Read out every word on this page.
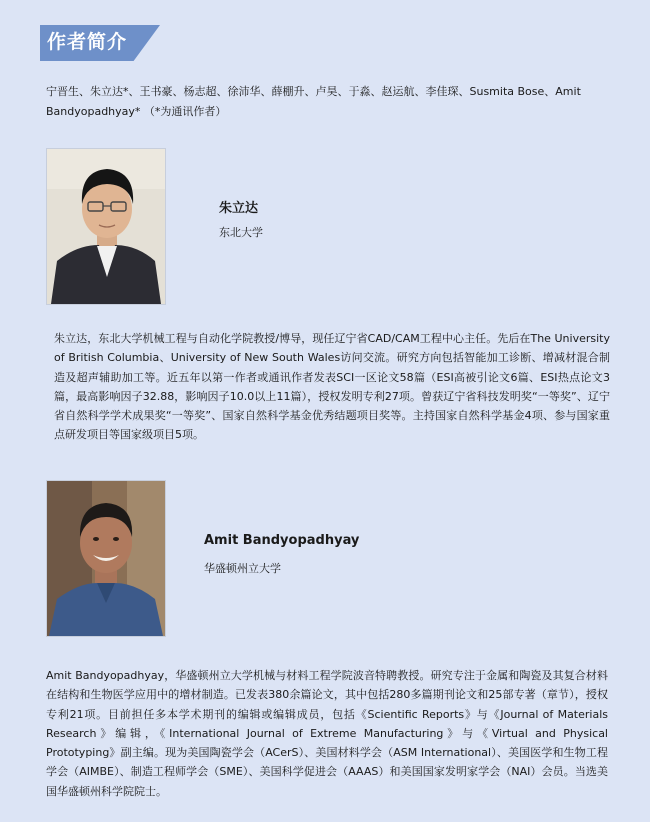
作者简介
宁晋生、朱立达*、王书豪、杨志超、徐沛华、薛棚升、卢昊、于淼、赵运航、李佳琛、Susmita Bose、Amit Bandyopadhyay* （*为通讯作者）
朱立达
东北大学
朱立达，东北大学机械工程与自动化学院教授/博导，现任辽宁省CAD/CAM工程中心主任。先后在The University of British Columbia、University of New South Wales访问交流。研究方向包括智能加工诊断、增减材混合制造及超声辅助加工等。近五年以第一作者或通讯作者发表SCI一区论文58篇（ESI高被引论文6篇、ESI热点论文3篇，最高影响因子32.88，影响因子10.0以上11篇），授权发明专利27项。曾获辽宁省科技发明奖“一等奖”、辽宁省自然科学学术成果奖“一等奖”、国家自然科学基金优秀结题项目奖等。主持国家自然科学基金4项、参与国家重点研发项目等国家级项目5项。
Amit Bandyopadhyay
华盛顿州立大学
Amit Bandyopadhyay，华盛顿州立大学机械与材料工程学院波音特聘教授。研究专注于金属和陶瓷及其复合材料在结构和生物医学应用中的增材制造。已发表380余篇论文，其中包括280多篇期刊论文和25部专著（章节），授权专利21项。目前担任多本学术期刊的编辑或编辑成员，包括《Scientific Reports》与《Journal of Materials Research》编辑，《International Journal of Extreme Manufacturing》与《Virtual and Physical Prototyping》副主编。现为美国陶瓷学会（ACerS）、美国材料学会（ASM International）、美国医学和生物工程学会（AIMBE）、制造工程师学会（SME）、美国科学促进会（AAAS）和美国国家发明家学会（NAI）会员。当选美国华盛顿州科学院院士。
